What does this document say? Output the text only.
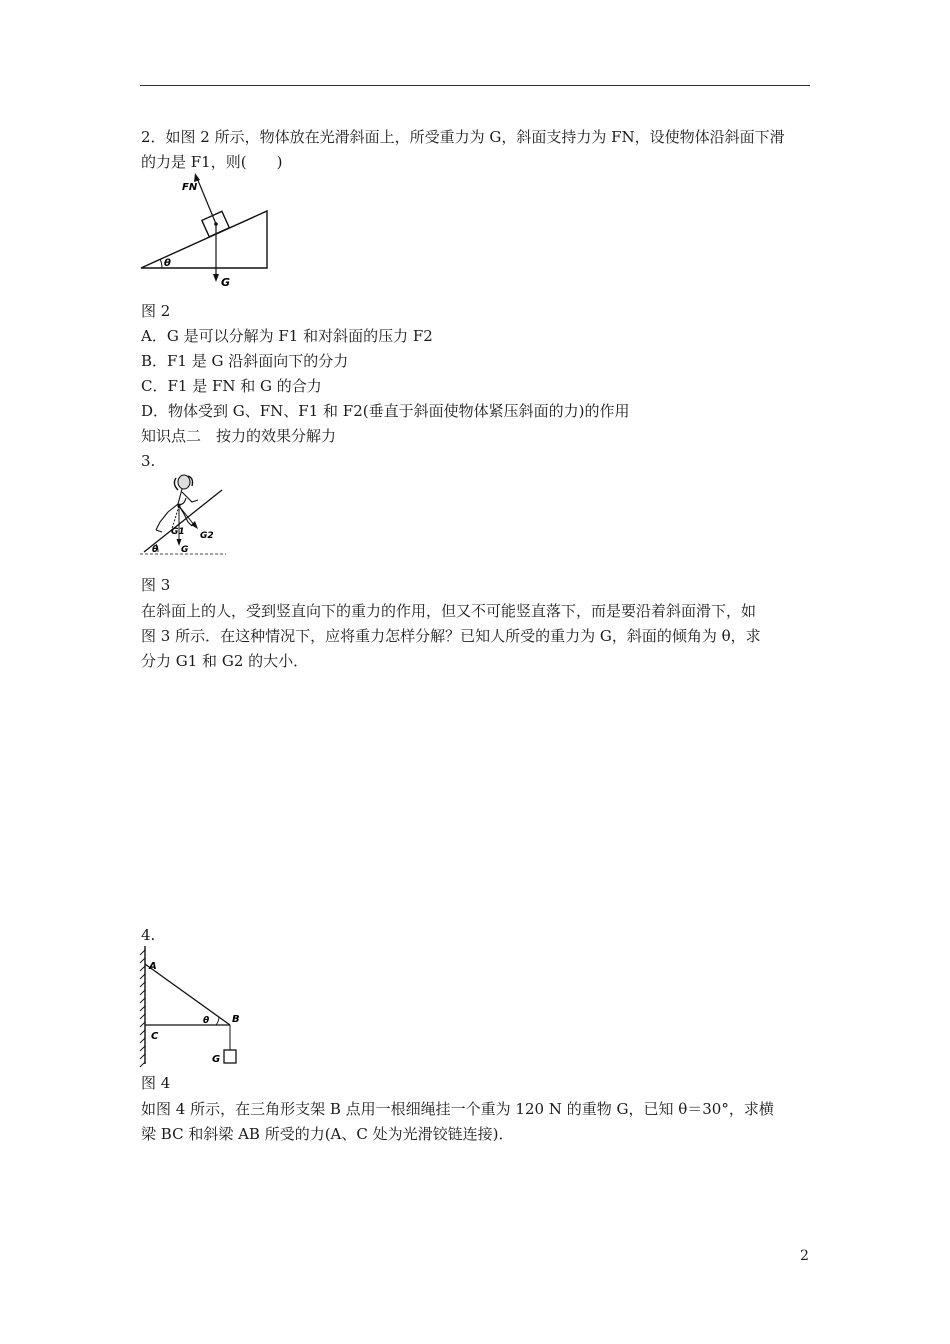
2．如图 2 所示，物体放在光滑斜面上，所受重力为 G，斜面支持力为 FN，设使物体沿斜面下滑
的力是 F1，则(　　)
FN
G
θ
图 2
A．G 是可以分解为 F1 和对斜面的压力 F2
B．F1 是 G 沿斜面向下的分力
C．F1 是 FN 和 G 的合力
D．物体受到 G、FN、F1 和 F2(垂直于斜面使物体紧压斜面的力)的作用
知识点二　按力的效果分解力
3.
G1 G2
G
θ
图 3
在斜面上的人，受到竖直向下的重力的作用，但又不可能竖直落下，而是要沿着斜面滑下，如
图 3 所示．在这种情况下，应将重力怎样分解？已知人所受的重力为 G，斜面的倾角为 θ，求
分力 G1 和 G2 的大小．
4.
A
B
C
G
θ
图 4
如图 4 所示，在三角形支架 B 点用一根细绳挂一个重为 120 N 的重物 G，已知 θ＝30°，求横
梁 BC 和斜梁 AB 所受的力(A、C 处为光滑铰链连接)．
2
